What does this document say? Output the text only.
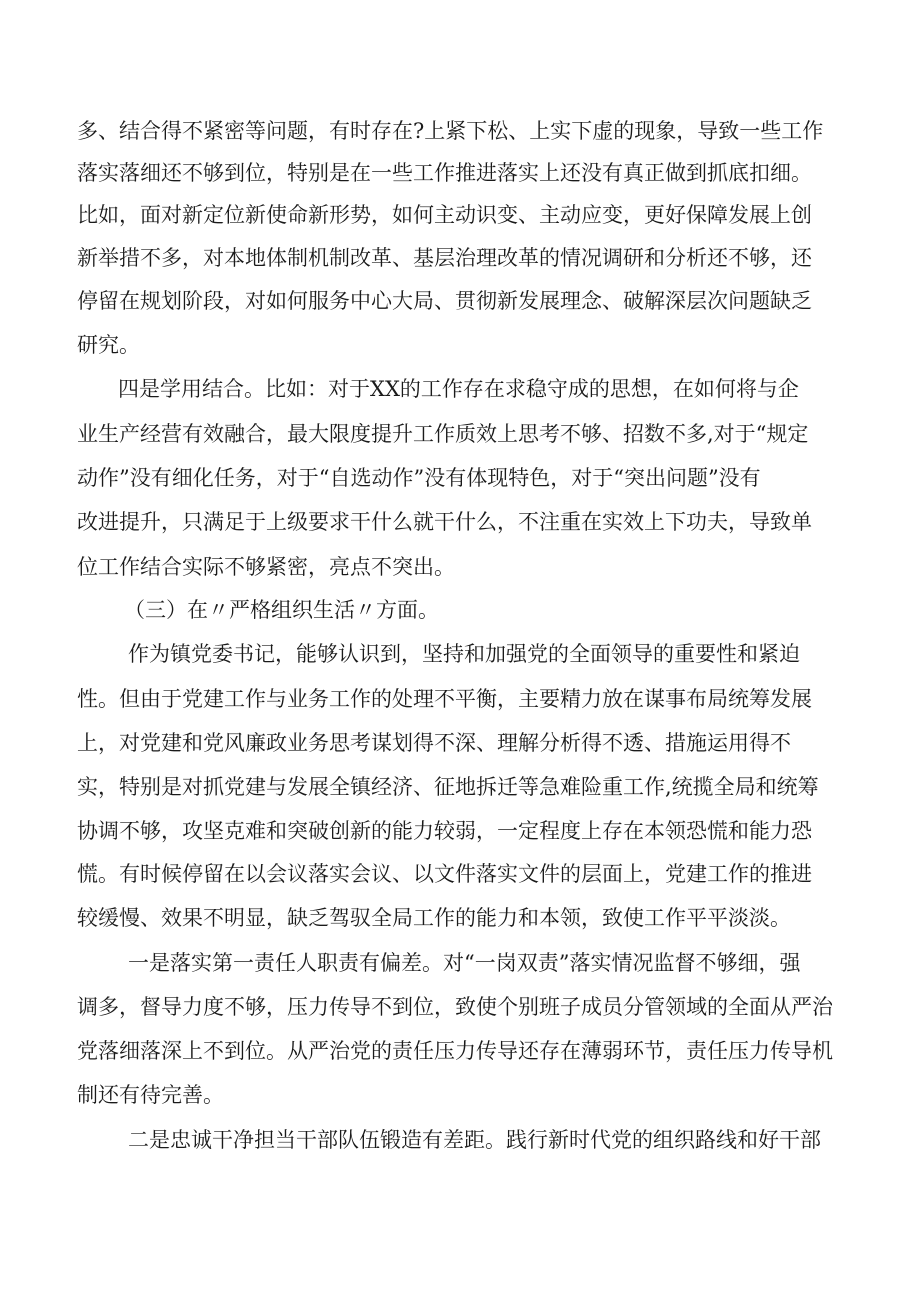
多、结合得不紧密等问题，有时存在?上紧下松、上实下虚的现象，导致一些工作
落实落细还不够到位，特别是在一些工作推进落实上还没有真正做到抓底扣细。
比如，面对新定位新使命新形势，如何主动识变、主动应变，更好保障发展上创
新举措不多，对本地体制机制改革、基层治理改革的情况调研和分析还不够，还
停留在规划阶段，对如何服务中心大局、贯彻新发展理念、破解深层次问题缺乏
研究。
四是学用结合。比如：对于XX的工作存在求稳守成的思想，在如何将与企
业生产经营有效融合，最大限度提升工作质效上思考不够、招数不多,对于“规定
动作”没有细化任务，对于“自选动作”没有体现特色，对于“突出问题”没有
改进提升，只满足于上级要求干什么就干什么，不注重在实效上下功夫，导致单
位工作结合实际不够紧密，亮点不突出。
（三）在〃严格组织生活〃方面。
作为镇党委书记，能够认识到，坚持和加强党的全面领导的重要性和紧迫
性。但由于党建工作与业务工作的处理不平衡，主要精力放在谋事布局统筹发展
上，对党建和党风廉政业务思考谋划得不深、理解分析得不透、措施运用得不
实，特别是对抓党建与发展全镇经济、征地拆迁等急难险重工作,统揽全局和统筹
协调不够，攻坚克难和突破创新的能力较弱，一定程度上存在本领恐慌和能力恐
慌。有时候停留在以会议落实会议、以文件落实文件的层面上，党建工作的推进
较缓慢、效果不明显，缺乏驾驭全局工作的能力和本领，致使工作平平淡淡。
一是落实第一责任人职责有偏差。对“一岗双责”落实情况监督不够细，强
调多，督导力度不够，压力传导不到位，致使个别班子成员分管领域的全面从严治
党落细落深上不到位。从严治党的责任压力传导还存在薄弱环节，责任压力传导机
制还有待完善。
二是忠诚干净担当干部队伍锻造有差距。践行新时代党的组织路线和好干部
